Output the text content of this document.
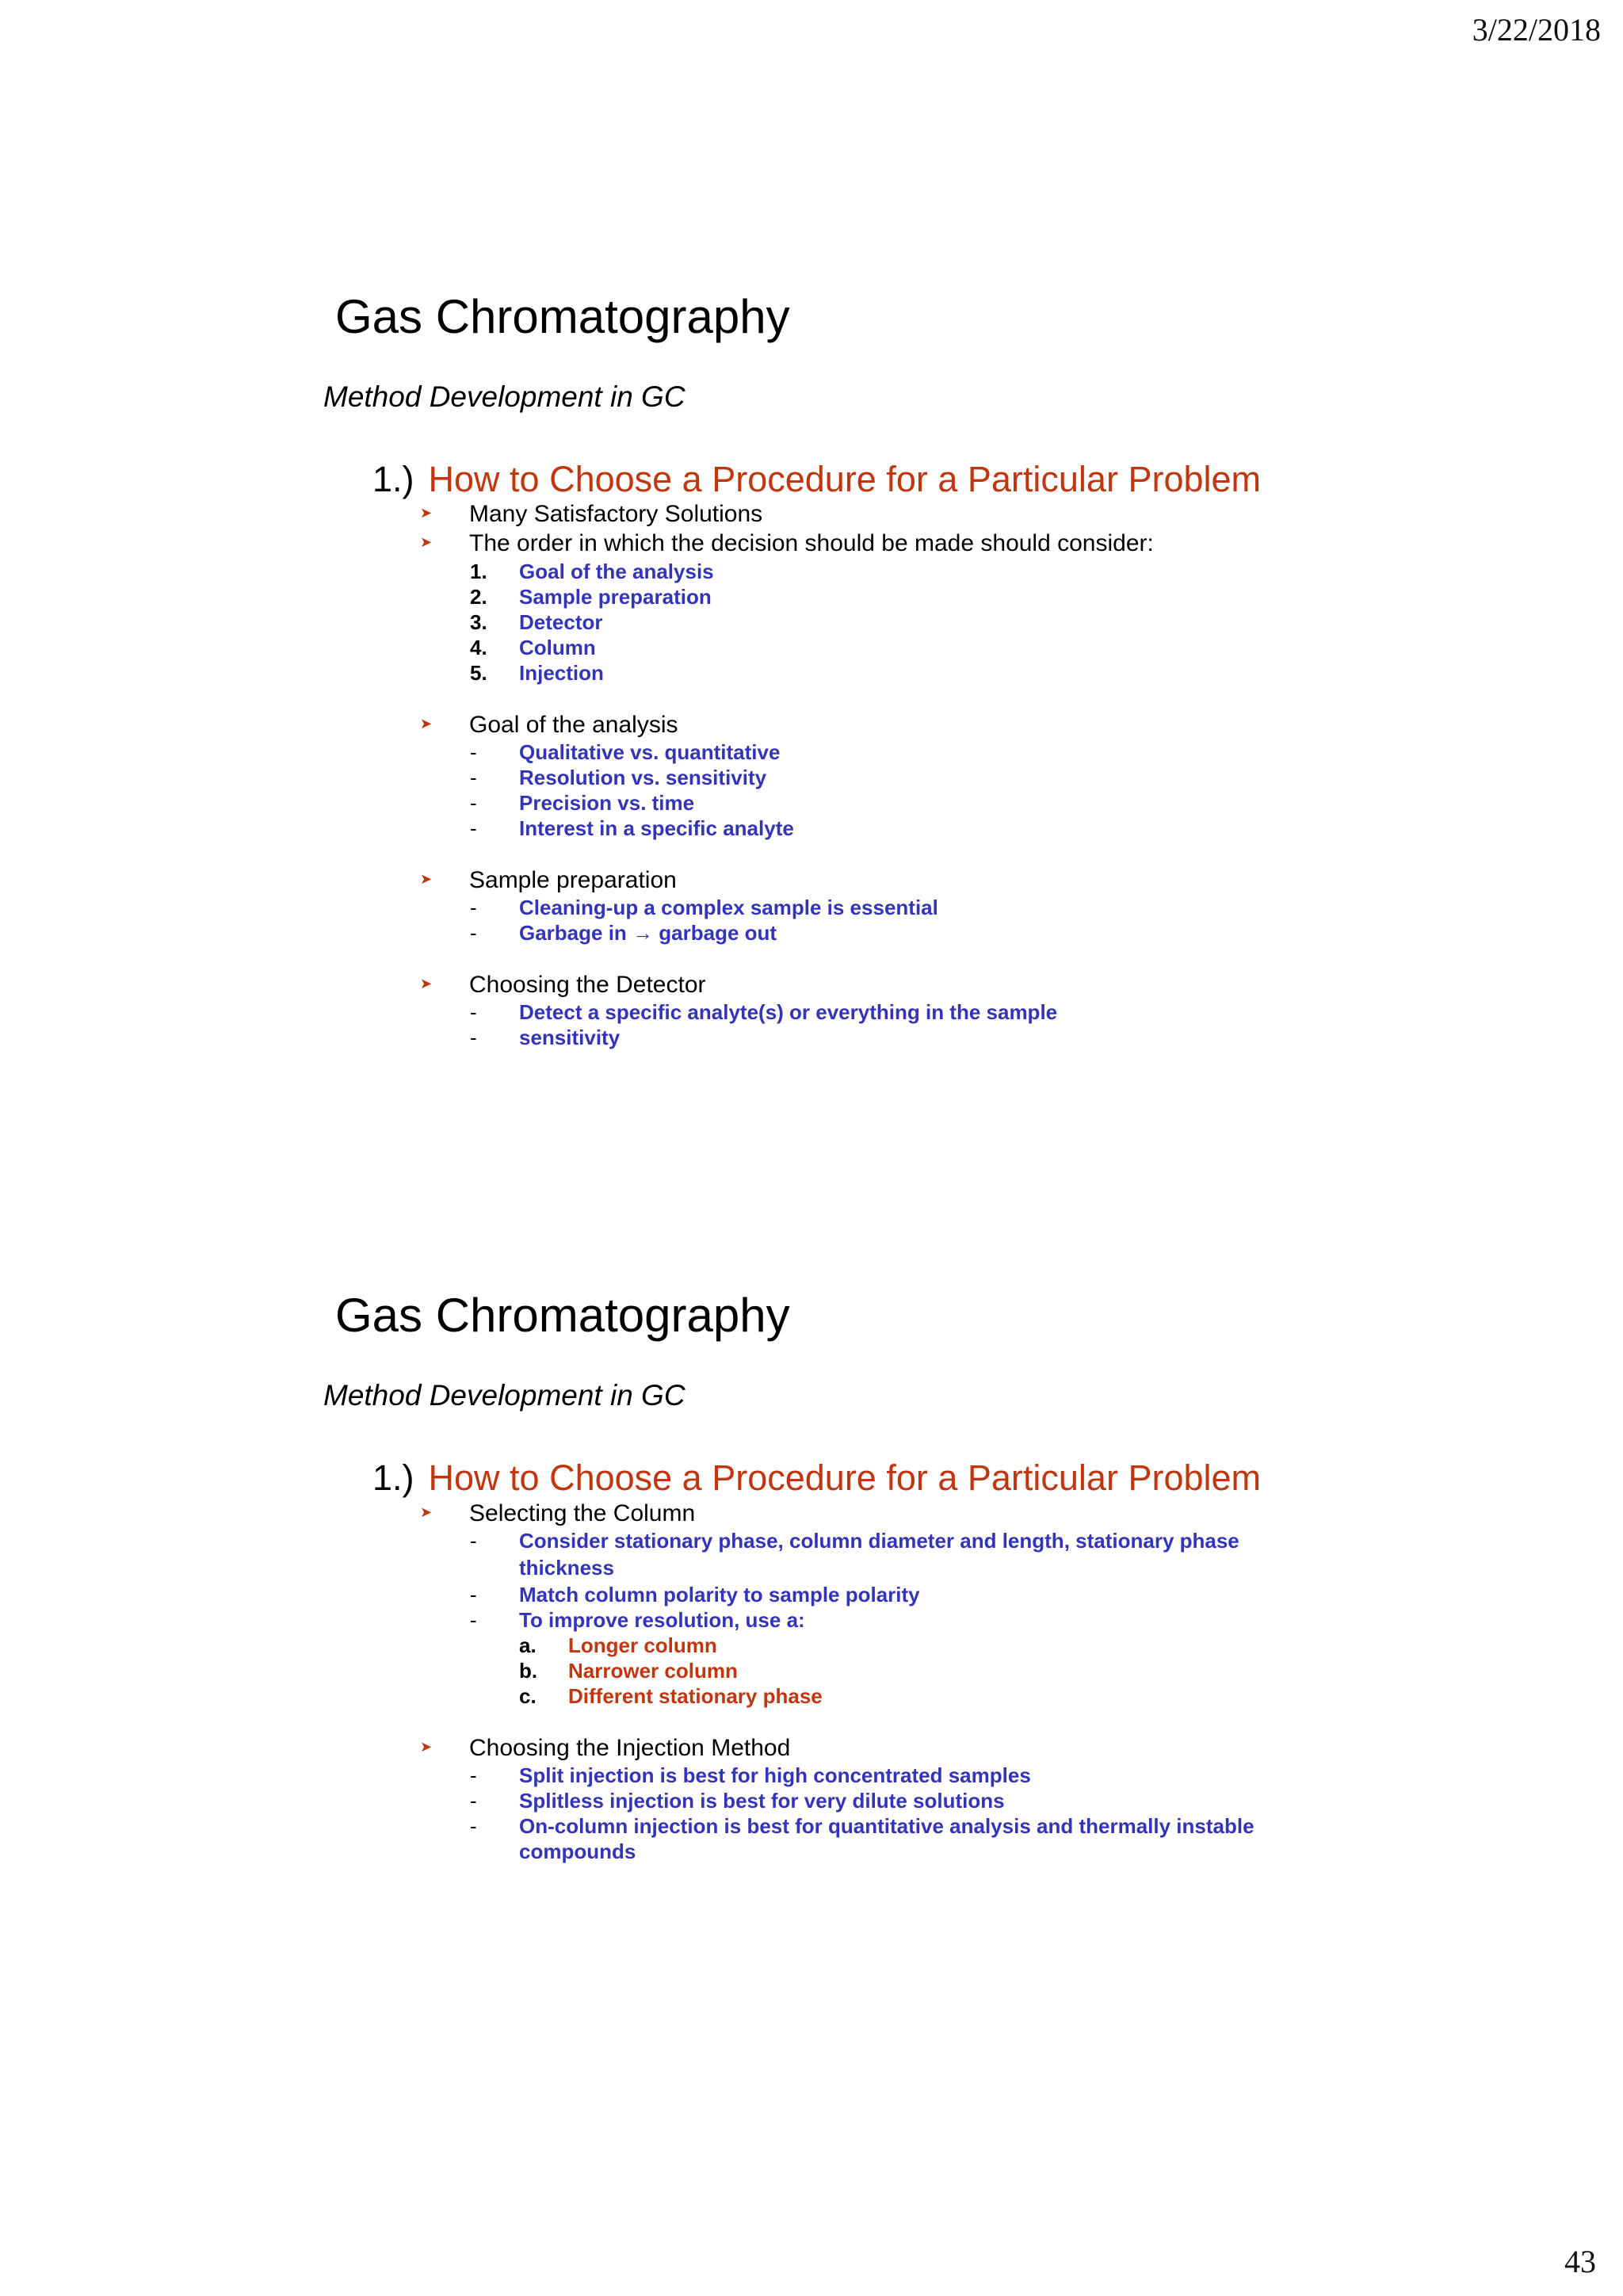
3/22/2018
Gas Chromatography
Method Development in GC
1.) How to Choose a Procedure for a Particular Problem
➤ Many Satisfactory Solutions
➤ The order in which the decision should be made should consider:
1. Goal of the analysis
2. Sample preparation
3. Detector
4. Column
5. Injection
➤ Goal of the analysis
- Qualitative vs. quantitative
- Resolution vs. sensitivity
- Precision vs. time
- Interest in a specific analyte
➤ Sample preparation
- Cleaning-up a complex sample is essential
- Garbage in → garbage out
➤ Choosing the Detector
- Detect a specific analyte(s) or everything in the sample
- sensitivity

Gas Chromatography
Method Development in GC
1.) How to Choose a Procedure for a Particular Problem
➤ Selecting the Column
- Consider stationary phase, column diameter and length, stationary phase
thickness
- Match column polarity to sample polarity
- To improve resolution, use a:
a. Longer column
b. Narrower column
c. Different stationary phase
➤ Choosing the Injection Method
- Split injection is best for high concentrated samples
- Splitless injection is best for very dilute solutions
- On-column injection is best for quantitative analysis and thermally instable
compounds
43
